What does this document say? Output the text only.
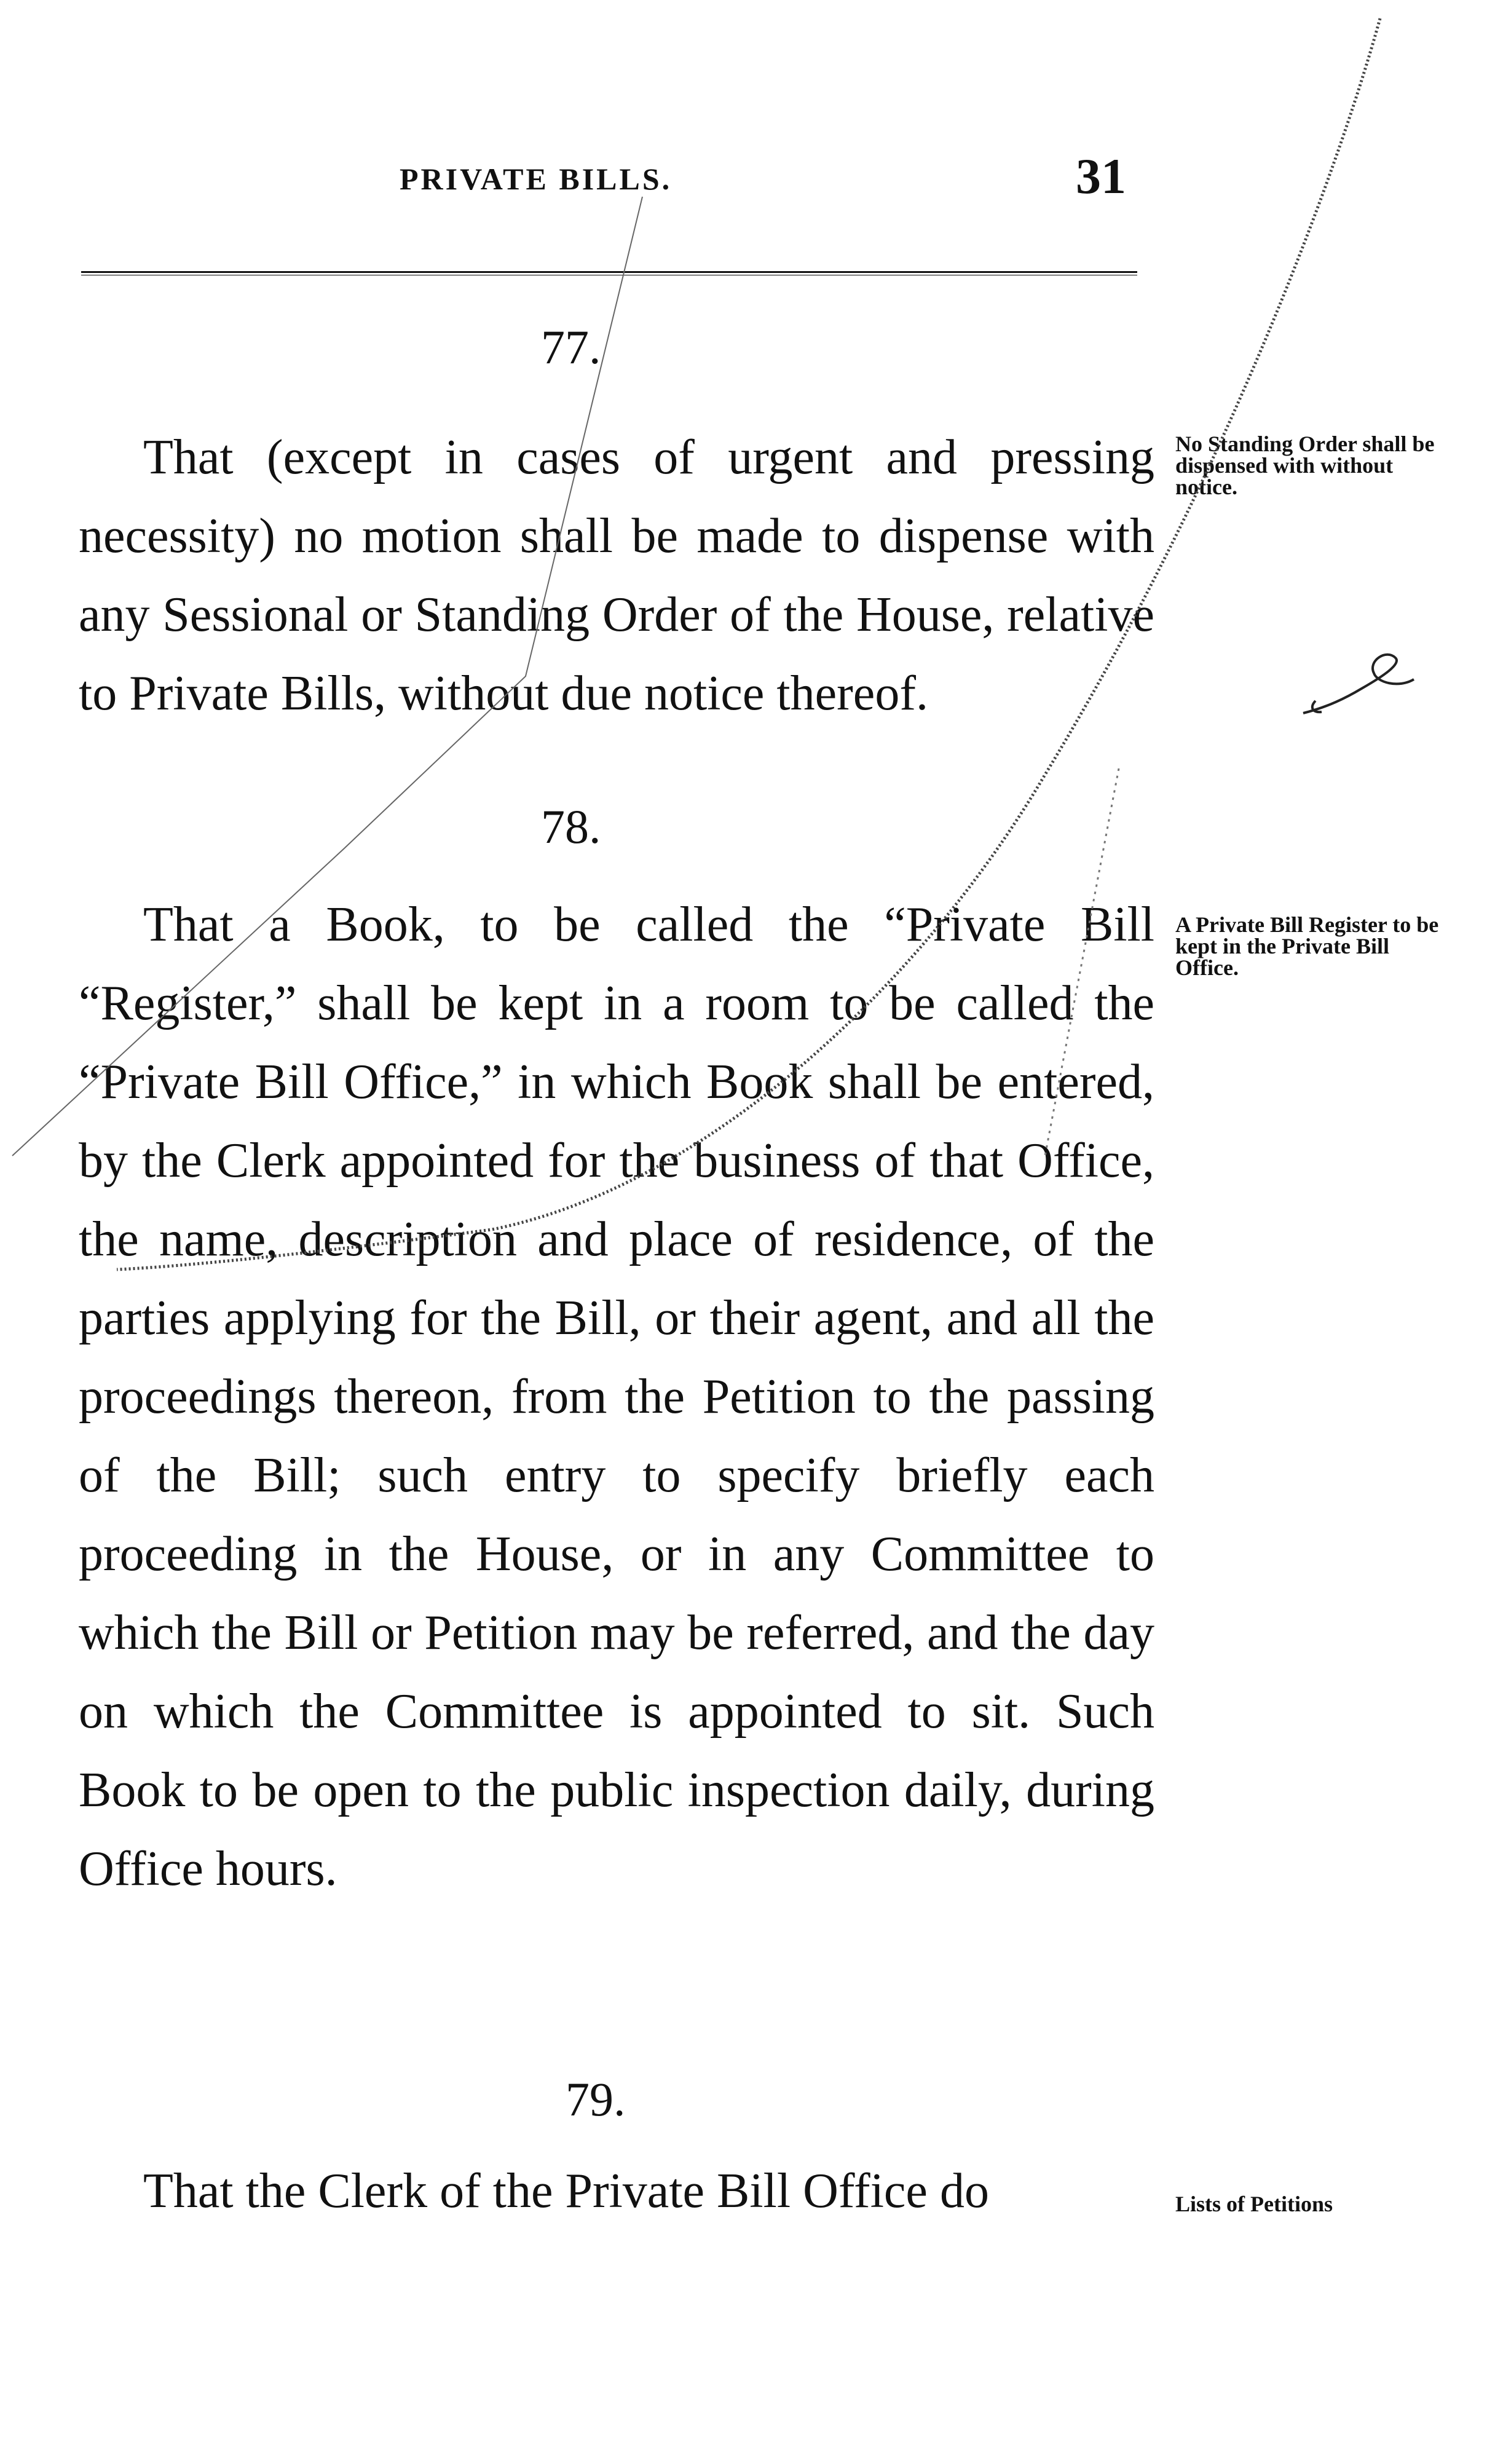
PRIVATE BILLS.	31
77.
That (except in cases of urgent and pressing necessity) no motion shall be made to dispense with any Sessional or Standing Order of the House, relative to Private Bills, without due notice thereof.
No Standing Order shall be dispensed with without notice.
78.
That a Book, to be called the “Private Bill “Register,” shall be kept in a room to be called the “Private Bill Office,” in which Book shall be entered, by the Clerk appointed for the business of that Office, the name, description and place of residence, of the parties applying for the Bill, or their agent, and all the proceedings thereon, from the Petition to the passing of the Bill; such entry to specify briefly each proceeding in the House, or in any Committee to which the Bill or Petition may be referred, and the day on which the Committee is appointed to sit. Such Book to be open to the public inspection daily, during Office hours.
A Private Bill Register to be kept in the Private Bill Office.
79.
That the Clerk of the Private Bill Office do	Lists of Petitions
